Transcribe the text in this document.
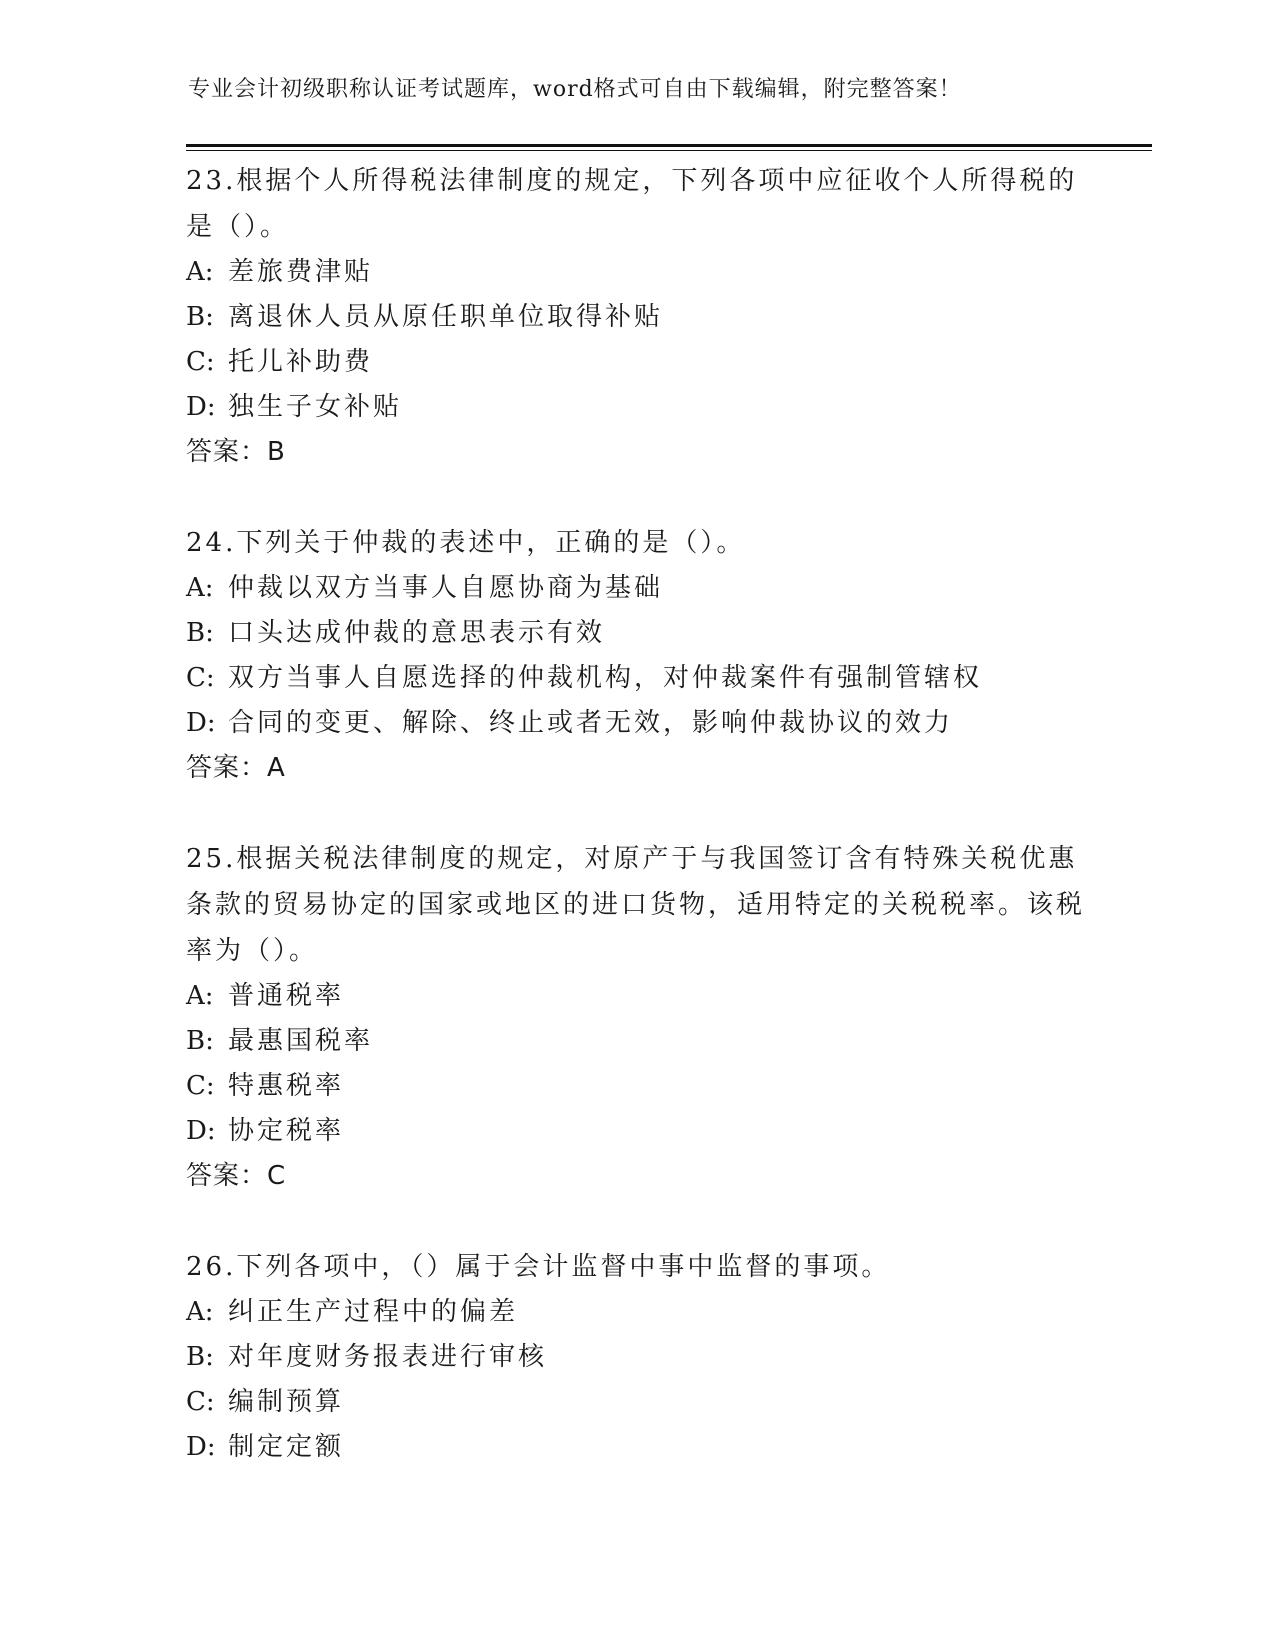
专业会计初级职称认证考试题库，word格式可自由下载编辑，附完整答案！
23.根据个人所得税法律制度的规定，下列各项中应征收个人所得税的是（）。
A: 差旅费津贴
B: 离退休人员从原任职单位取得补贴
C: 托儿补助费
D: 独生子女补贴
答案：B
24.下列关于仲裁的表述中，正确的是（）。
A: 仲裁以双方当事人自愿协商为基础
B: 口头达成仲裁的意思表示有效
C: 双方当事人自愿选择的仲裁机构，对仲裁案件有强制管辖权
D: 合同的变更、解除、终止或者无效，影响仲裁协议的效力
答案：A
25.根据关税法律制度的规定，对原产于与我国签订含有特殊关税优惠条款的贸易协定的国家或地区的进口货物，适用特定的关税税率。该税率为（）。
A: 普通税率
B: 最惠国税率
C: 特惠税率
D: 协定税率
答案：C
26.下列各项中，（）属于会计监督中事中监督的事项。
A: 纠正生产过程中的偏差
B: 对年度财务报表进行审核
C: 编制预算
D: 制定定额
